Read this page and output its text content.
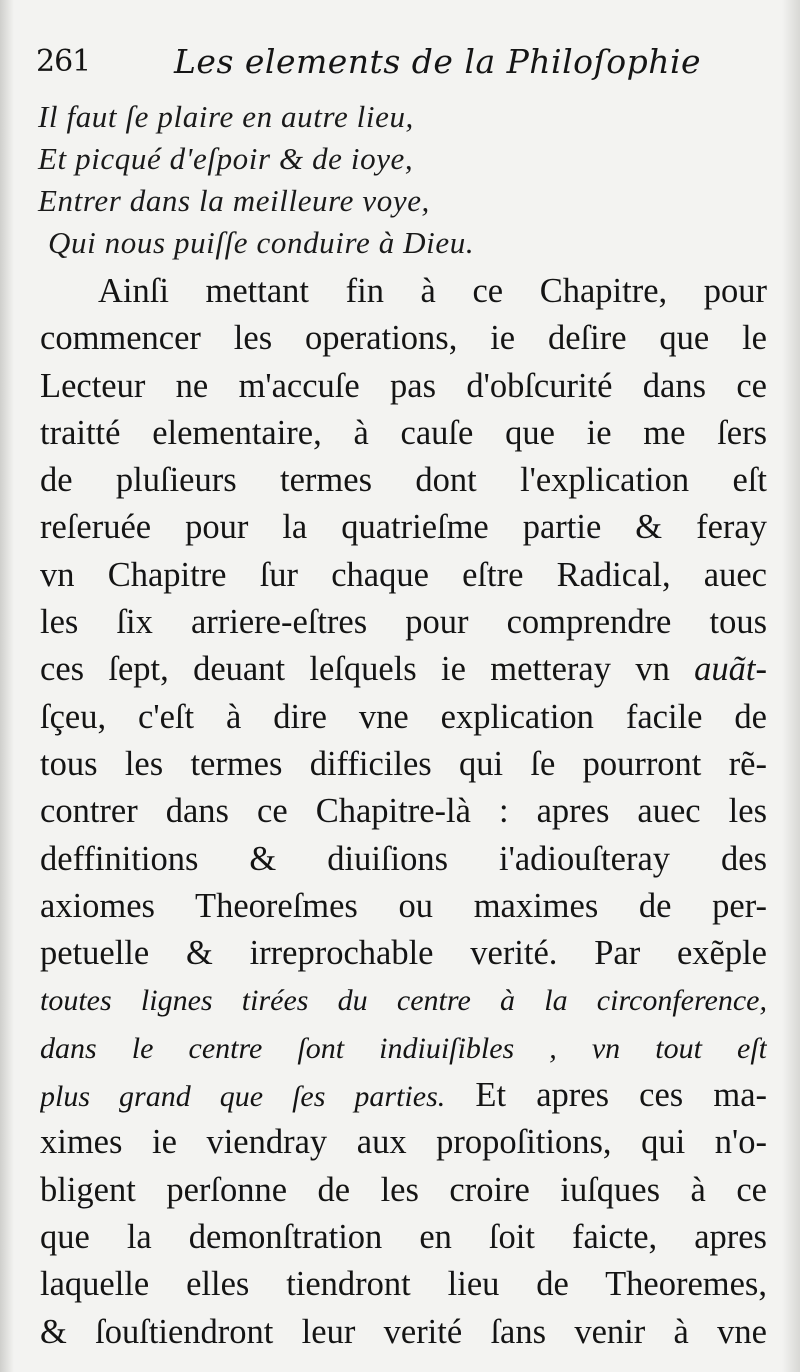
261	Les elements de la Philoſophie
Il faut ſe plaire en autre lieu,
Et picqué d'eſpoir & de ioye,
Entrer dans la meilleure voye,
Qui nous puiſſe conduire à Dieu.
Ainſi mettant fin à ce Chapitre, pour
commencer les operations, ie deſire que le
Lecteur ne m'accuſe pas d'obſcurité dans ce
traitté elementaire, à cauſe que ie me ſers
de pluſieurs termes dont l'explication eſt
reſeruée pour la quatrieſme partie & feray
vn Chapitre ſur chaque eſtre Radical, auec
les ſix arriere-eſtres pour comprendre tous
ces ſept, deuant leſquels ie metteray vn auãt-
ſçeu, c'eſt à dire vne explication facile de
tous les termes difficiles qui ſe pourront rẽ-
contrer dans ce Chapitre-là : apres auec les
deffinitions & diuiſions i'adiouſteray des
axiomes Theoreſmes ou maximes de per-
petuelle & irreprochable verité. Par exẽple
toutes lignes tirées du centre à la circonference,
dans le centre ſont indiuiſibles , vn tout eſt
plus grand que ſes parties. Et apres ces ma-
ximes ie viendray aux propoſitions, qui n'o-
bligent perſonne de les croire iuſques à ce
que la demonſtration en ſoit faicte, apres
laquelle elles tiendront lieu de Theoremes,
& ſouſtiendront leur verité ſans venir à vne
